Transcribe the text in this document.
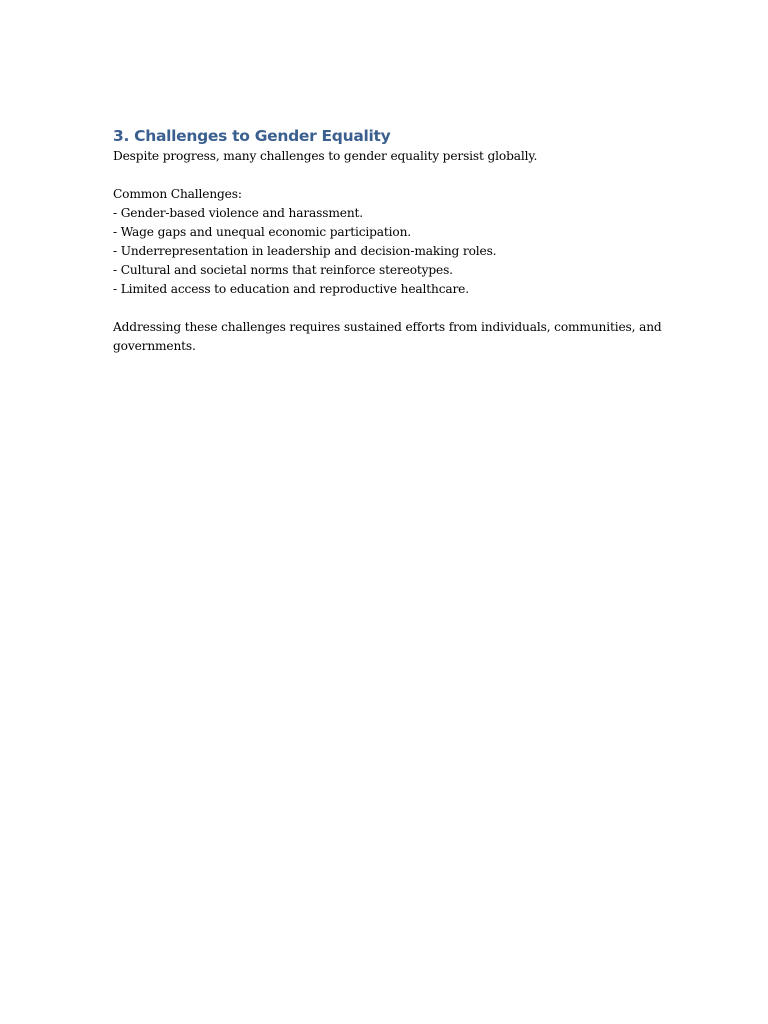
3. Challenges to Gender Equality

Despite progress, many challenges to gender equality persist globally.

Common Challenges:

- Gender-based violence and harassment.
- Wage gaps and unequal economic participation.
- Underrepresentation in leadership and decision-making roles.
- Cultural and societal norms that reinforce stereotypes.
- Limited access to education and reproductive healthcare.

Addressing these challenges requires sustained efforts from individuals, communities, and governments.
